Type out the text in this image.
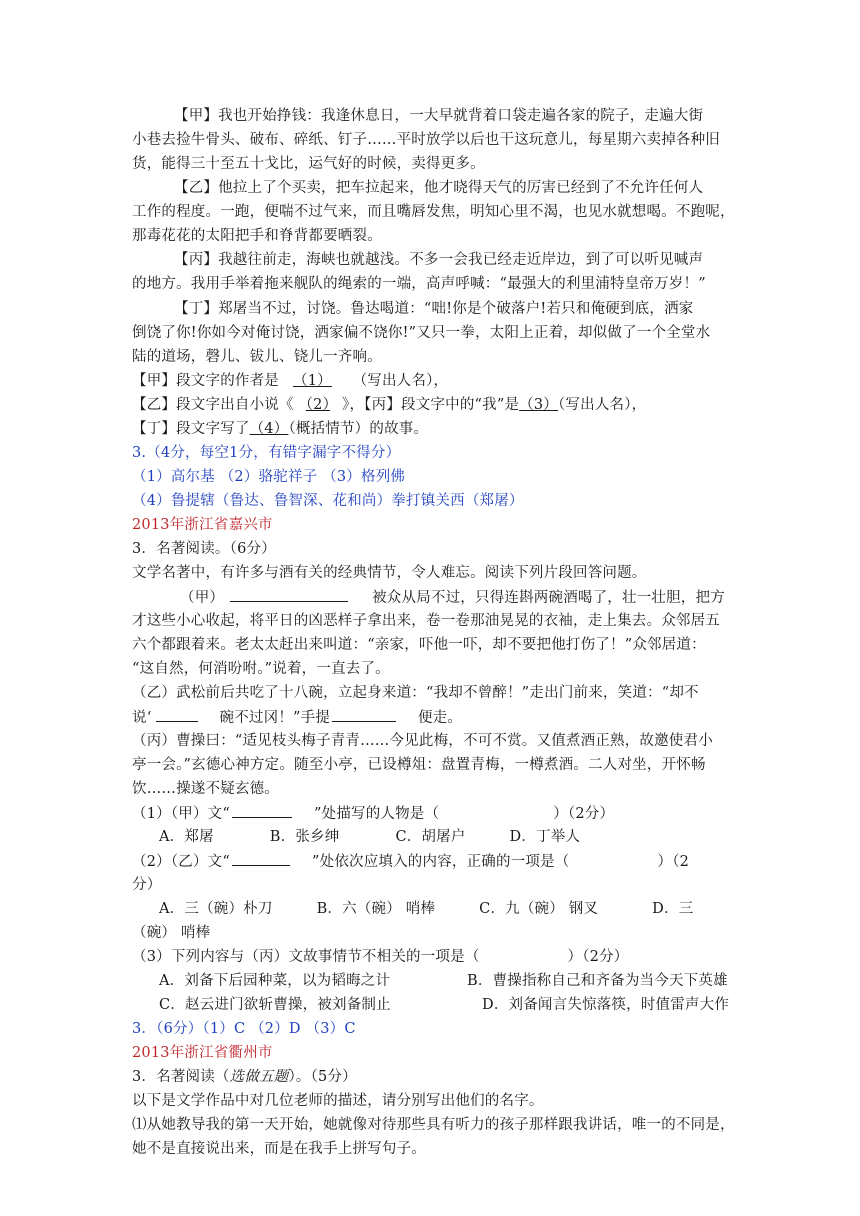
【甲】我也开始挣钱：我逢休息日，一大早就背着口袋走遍各家的院子，走遍大街
小巷去捡牛骨头、破布、碎纸、钉子……平时放学以后也干这玩意儿，每星期六卖掉各种旧
货，能得三十至五十戈比，运气好的时候，卖得更多。
【乙】他拉上了个买卖，把车拉起来，他才晓得天气的厉害已经到了不允许任何人
工作的程度。一跑，便喘不过气来，而且嘴唇发焦，明知心里不渴，也见水就想喝。不跑呢，
那毒花花的太阳把手和脊背都要晒裂。
【丙】我越往前走，海峡也就越浅。不多一会我已经走近岸边，到了可以听见喊声
的地方。我用手举着拖来舰队的绳索的一端，高声呼喊：“最强大的利里浦特皇帝万岁！”
【丁】郑屠当不过，讨饶。鲁达喝道：“咄!你是个破落户!若只和俺硬到底，洒家
倒饶了你!你如今对俺讨饶，洒家偏不饶你!”又只一拳，太阳上正着，却似做了一个全堂水
陆的道场，磬儿、钹儿、铙儿一齐响。
【甲】段文字的作者是 （1） （写出人名），
【乙】段文字出自小说《 （2） 》，【丙】段文字中的“我”是（3）（写出人名），
【丁】段文字写了（4）（概括情节）的故事。
3.（4分，每空1分，有错字漏字不得分）
（1）高尔基 （2）骆驼祥子 （3）格列佛
（4）鲁提辖（鲁达、鲁智深、花和尚）拳打镇关西（郑屠）
2013年浙江省嘉兴市
3．名著阅读。（6分）
文学名著中，有许多与酒有关的经典情节，令人难忘。阅读下列片段回答问题。
（甲）	被众从局不过，只得连斟两碗酒喝了，壮一壮胆，把方
才这些小心收起，将平日的凶恶样子拿出来，卷一卷那油晃晃的衣袖，走上集去。众邻居五
六个都跟着来。老太太赶出来叫道：“亲家，吓他一吓，却不要把他打伤了！”众邻居道：
“这自然，何消吩咐。”说着，一直去了。
（乙）武松前后共吃了十八碗，立起身来道：“我却不曾醉！”走出门前来，笑道：“却不
说‘	碗不过冈！”手提	便走。
（丙）曹操曰：“适见枝头梅子青青……今见此梅，不可不赏。又值煮酒正熟，故邀使君小
亭一会。”玄德心神方定。随至小亭，已设樽俎：盘置青梅，一樽煮酒。二人对坐，开怀畅
饮……操遂不疑玄德。
（1）（甲）文“	”处描写的人物是（	）（2分）
A．郑屠	B．张乡绅	C．胡屠户	D．丁举人
（2）（乙）文“	”处依次应填入的内容，正确的一项是（	）（2
分）
A．三（碗）朴刀	B．六（碗） 哨棒	C．九（碗） 钢叉	D．三
（碗） 哨棒
（3）下列内容与（丙）文故事情节不相关的一项是（	）（2分）
A．刘备下后园种菜，以为韬晦之计	B．曹操指称自己和齐备为当今天下英雄
C．赵云进门欲斩曹操，被刘备制止	D．刘备闻言失惊落筷，时值雷声大作
3．（6分）（1）C （2）D （3）C
2013年浙江省衢州市
3．名著阅读（选做五题）。（5分）
以下是文学作品中对几位老师的描述，请分别写出他们的名字。
⑴从她教导我的第一天开始，她就像对待那些具有听力的孩子那样跟我讲话，唯一的不同是，
她不是直接说出来，而是在我手上拼写句子。
